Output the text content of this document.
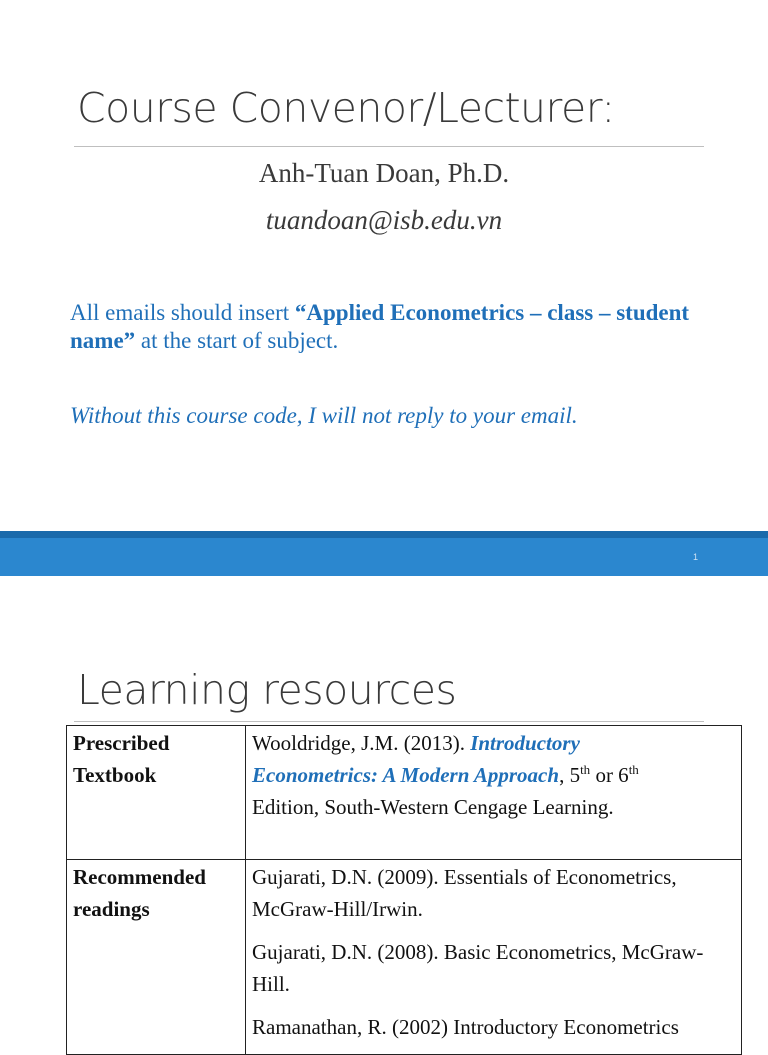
Course Convenor/Lecturer:
Anh-Tuan Doan, Ph.D.
tuandoan@isb.edu.vn
All emails should insert “Applied Econometrics – class – student name” at the start of subject.
Without this course code, I will not reply to your email.
1
Learning resources
Prescribed Textbook	Wooldridge, J.M. (2013). Introductory
Econometrics: A Modern Approach, 5th or 6th
Edition, South-Western Cengage Learning.
Recommended readings	Gujarati, D.N. (2009). Essentials of Econometrics, McGraw-Hill/Irwin.

Gujarati, D.N. (2008). Basic Econometrics, McGraw-Hill.

Ramanathan, R. (2002) Introductory Econometrics
